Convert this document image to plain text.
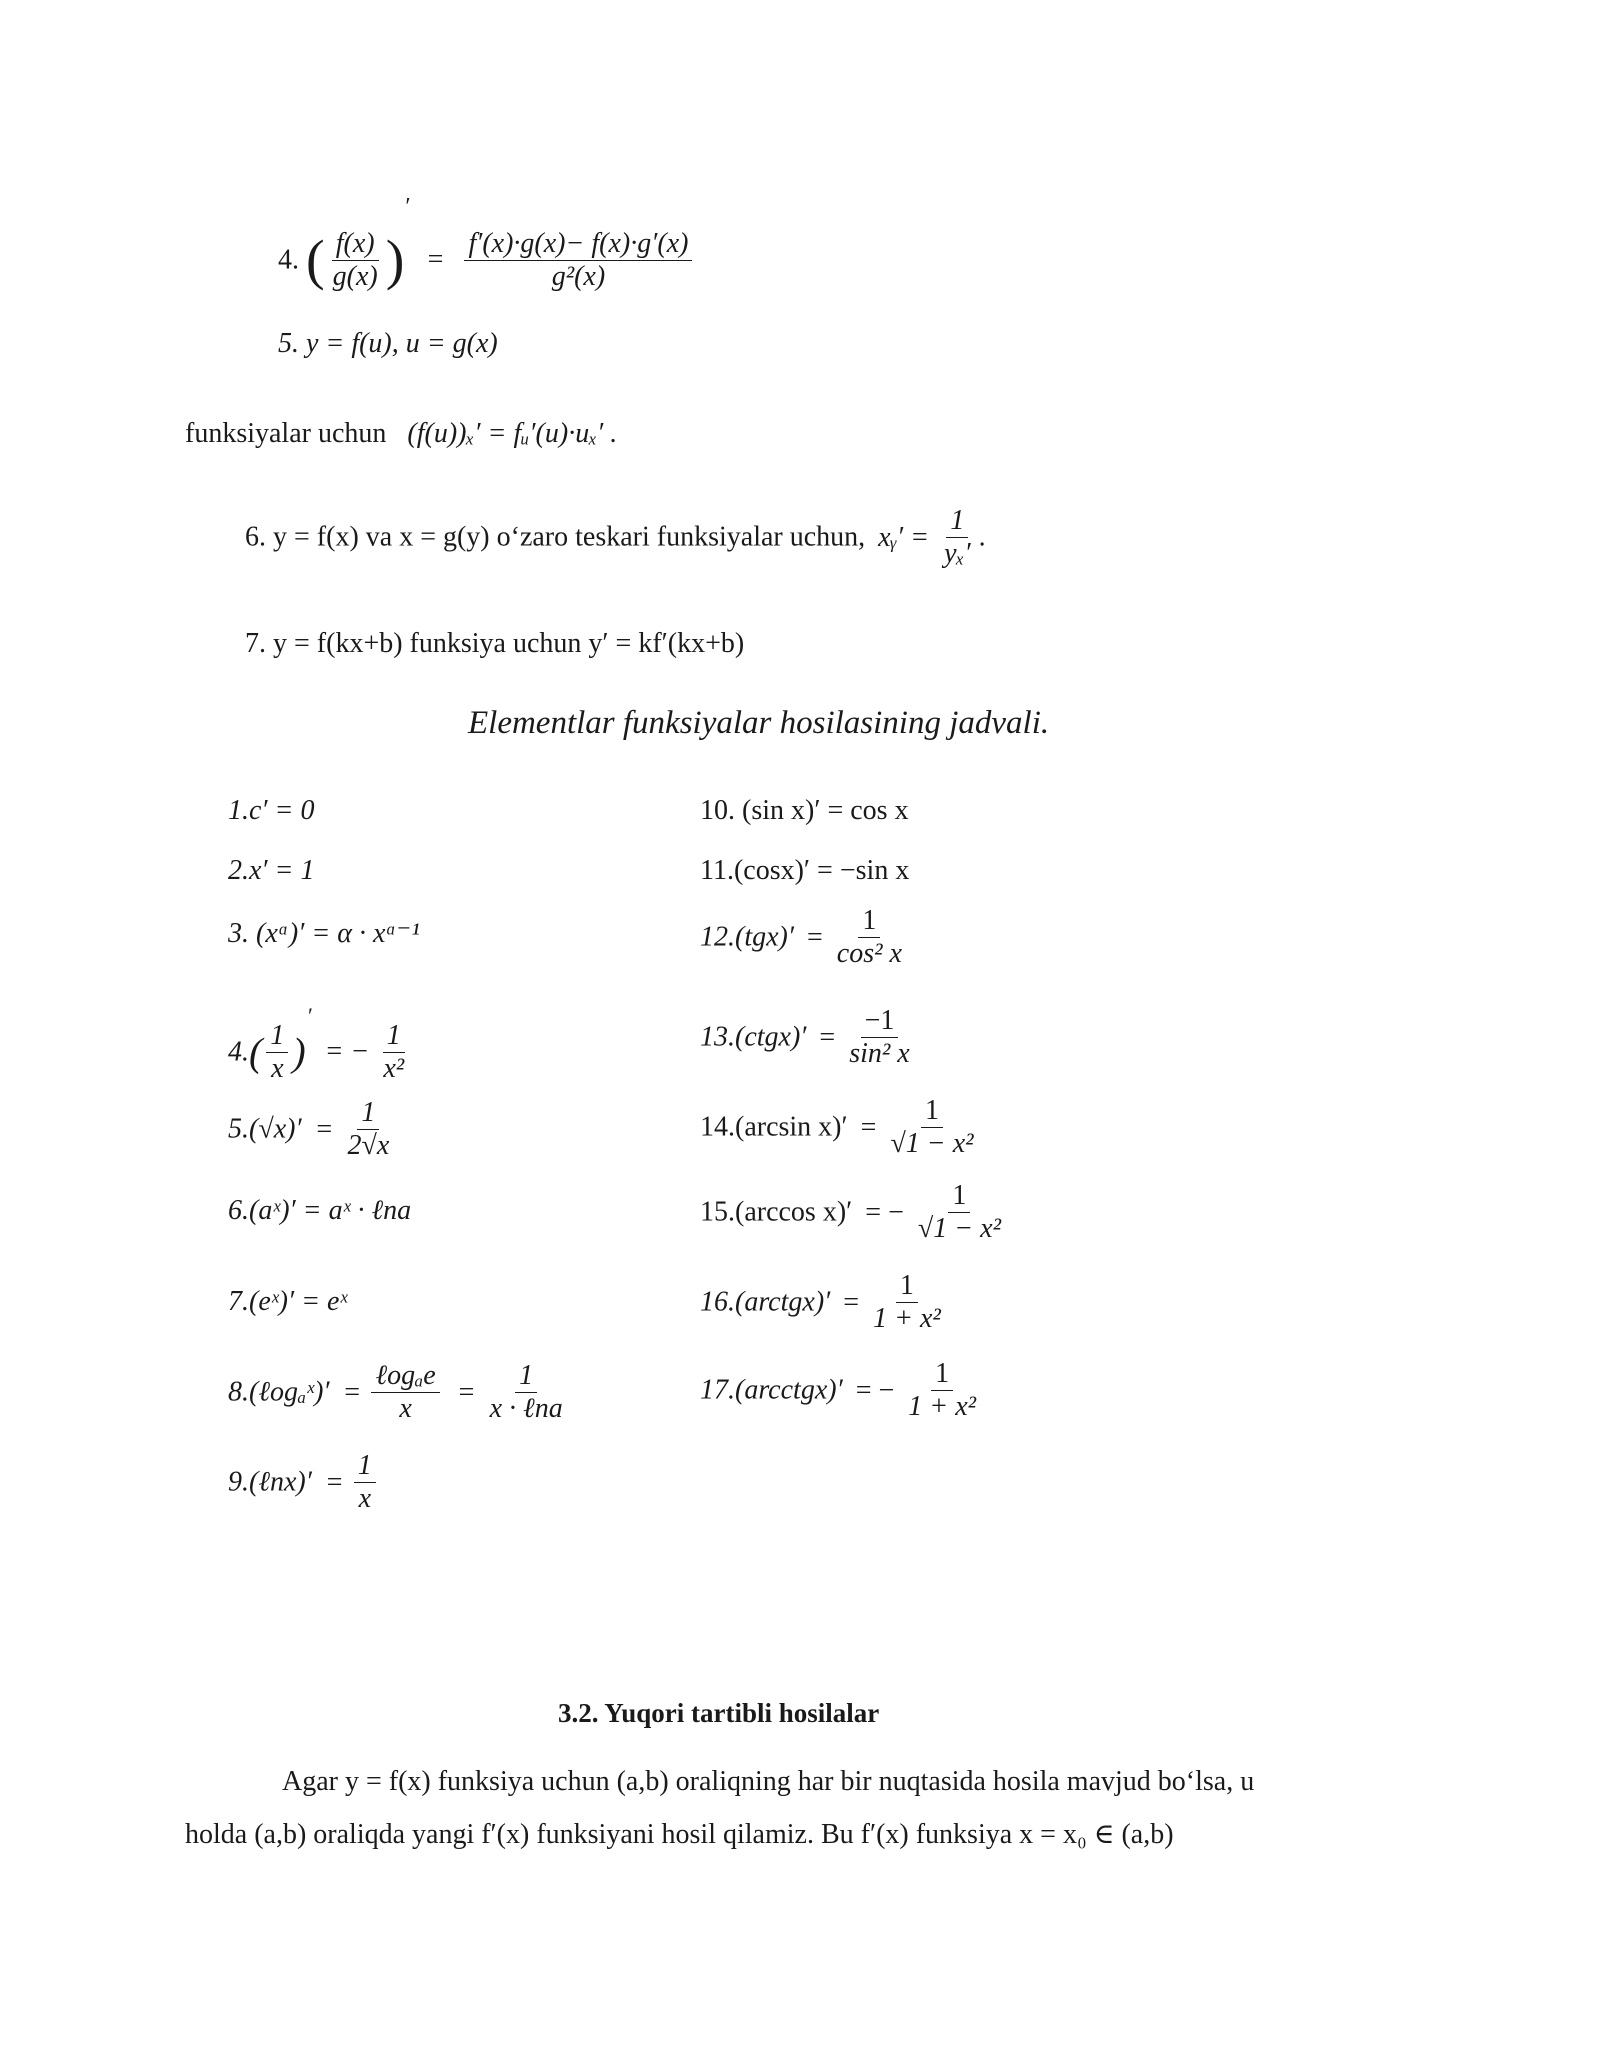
4. ( $\frac{f(x)}{g(x)}$ )′ = $\frac{f'(x)\cdot g(x)- f(x)\cdot g'(x)}{\text{g²(x)}}$
5. y = f(u), u = g(x)
funksiyalar uchun (f(u))ₓ′ = fᵤ′(u)·uₓ′ .
6. y = f(x) va x = g(y) o‘zaro teskari funksiyalar uchun, xᵧ′ = $\frac{1}{\text{yₓ′}}$ .
7. y = f(kx+b) funksiya uchun y′ = kf′(kx+b)
Elementlar funksiyalar hosilasining jadvali.
1.c′ = 0
2.x′ = 1
3. (xᵅ)′ = α · xᵅ⁻¹
$4.( \frac{1}{x} )'$ = − $\frac{1}{\text{x²}}$
$5.(√x)' = \frac{1}{2√x}$
6.(aˣ)′ = aˣ · ℓna
7.(eˣ)′ = eˣ
8.(ℓogₐˣ)′ = $\frac{\text{ℓogₐe}}{x} = \frac{1}{\text{x · ℓna}}$
9.(ℓnx)′ = $\frac{1}{x}$
10. (sin x)′ = cos x
11.(cosx)′ = −sin x
$12.(tgx)' = \frac{1}{\text{cos² x}}$
13.(ctgx)′ = $\frac{-1}{\text{sin² x}}$
14.(arcsin $x)' = \frac{1}{\text{√1 − x²}}$
15.(arccos x)′ = − $\frac{1}{\text{√1 − x²}}$
16.(arctgx)′ = $\frac{1}{\text{1 + x²}}$
17.(arcctgx)′ = − $\frac{1}{\text{1 + x²}}$
3.2. Yuqori tartibli hosilalar
Agar y = f(x) funksiya uchun (a,b) oraliqning har bir nuqtasida hosila mavjud bo‘lsa, u
holda (a,b) oraliqda yangi f′(x) funksiyani hosil qilamiz. Bu f′(x) funksiya x = x₀ ∈ (a,b)
